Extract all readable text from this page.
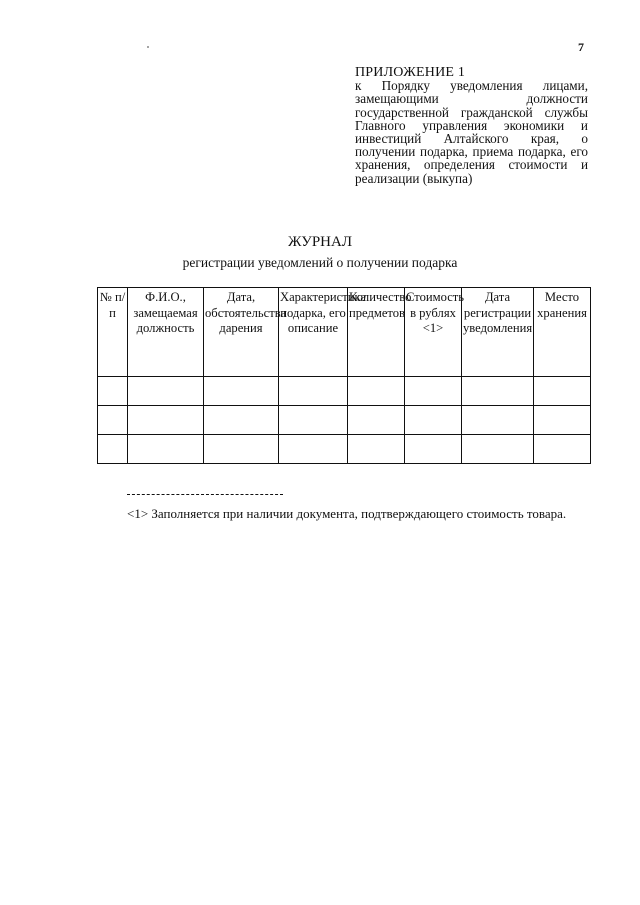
7
ПРИЛОЖЕНИЕ 1
к Порядку уведомления лицами, замещающими должности государственной гражданской службы Главного управления экономики и инвестиций Алтайского края, о получении подарка, приема подарка, его хранения, определения стоимости и реализации (выкупа)
ЖУРНАЛ
регистрации уведомлений о получении подарка
№ п/п	Ф.И.О., замещаемая должность	Дата, обстоятельства дарения	Характеристика подарка, его описание	Количество предметов	Стоимость в рублях <1>	Дата регистрации уведомления	Место хранения

<1> Заполняется при наличии документа, подтверждающего стоимость товара.
